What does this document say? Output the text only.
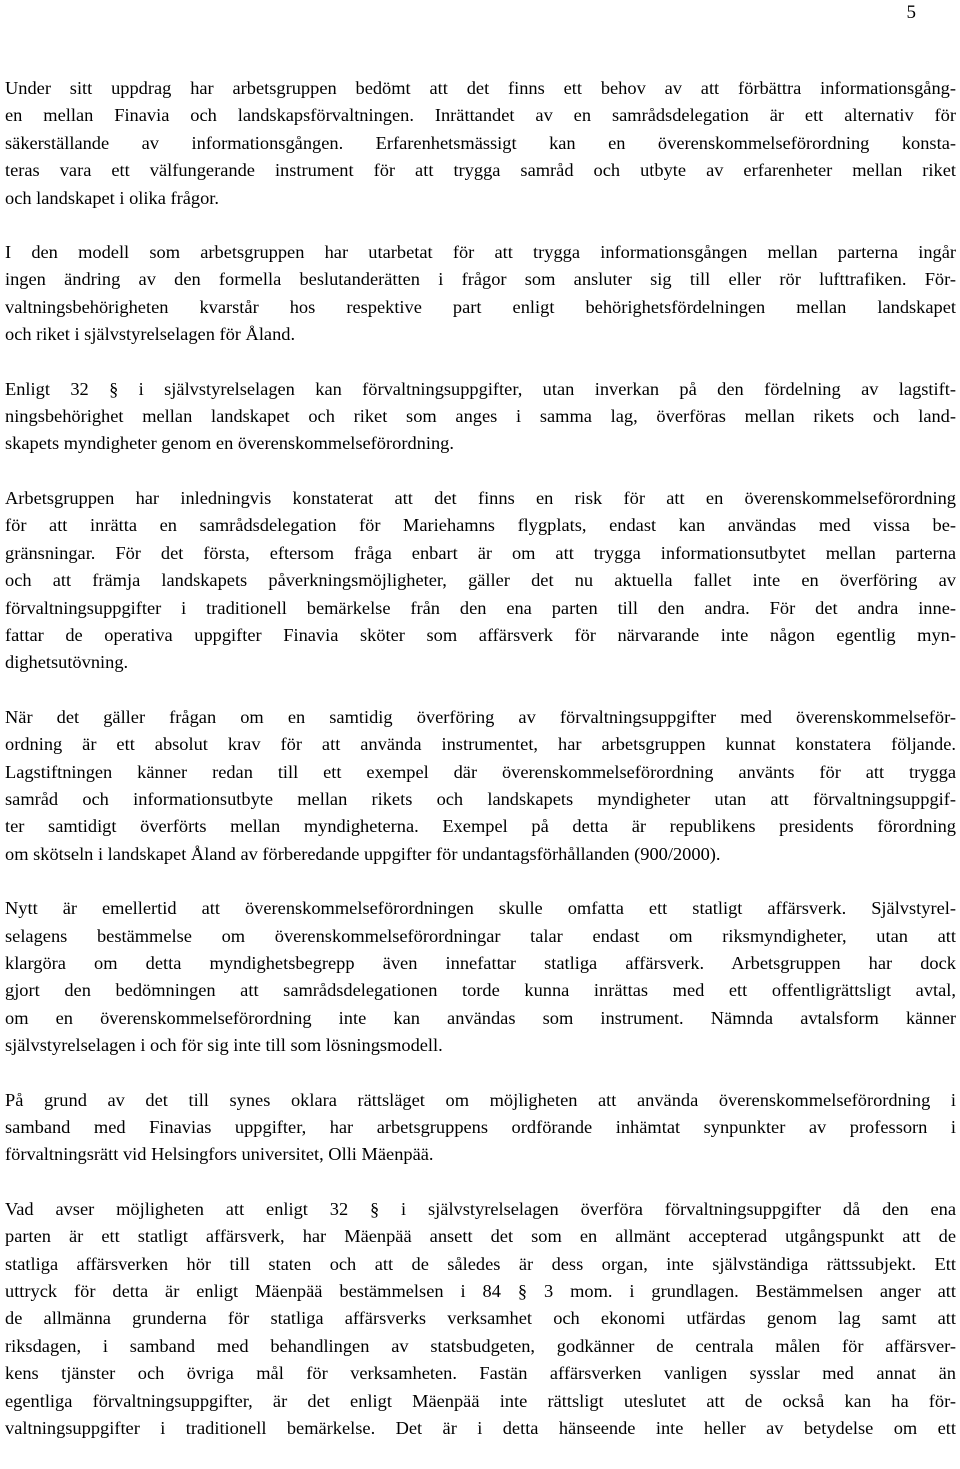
5
Under sitt uppdrag har arbetsgruppen bedömt att det finns ett behov av att förbättra informationsgång-
en mellan Finavia och landskapsförvaltningen. Inrättandet av en samrådsdelegation är ett alternativ för
säkerställande av informationsgången. Erfarenhetsmässigt kan en överenskommelseförordning konsta-
teras vara ett välfungerande instrument för att trygga samråd och utbyte av erfarenheter mellan riket
och landskapet i olika frågor.
I den modell som arbetsgruppen har utarbetat för att trygga informationsgången mellan parterna ingår
ingen ändring av den formella beslutanderätten i frågor som ansluter sig till eller rör lufttrafiken. För-
valtningsbehörigheten kvarstår hos respektive part enligt behörighetsfördelningen mellan landskapet
och riket i självstyrelselagen för Åland.
Enligt 32 § i självstyrelselagen kan förvaltningsuppgifter, utan inverkan på den fördelning av lagstift-
ningsbehörighet mellan landskapet och riket som anges i samma lag, överföras mellan rikets och land-
skapets myndigheter genom en överenskommelseförordning.
Arbetsgruppen har inledningvis konstaterat att det finns en risk för att en överenskommelseförordning
för att inrätta en samrådsdelegation för Mariehamns flygplats, endast kan användas med vissa be-
gränsningar. För det första, eftersom fråga enbart är om att trygga informationsutbytet mellan parterna
och att främja landskapets påverkningsmöjligheter, gäller det nu aktuella fallet inte en överföring av
förvaltningsuppgifter i traditionell bemärkelse från den ena parten till den andra. För det andra inne-
fattar de operativa uppgifter Finavia sköter som affärsverk för närvarande inte någon egentlig myn-
dighetsutövning.
När det gäller frågan om en samtidig överföring av förvaltningsuppgifter med överenskommelseför-
ordning är ett absolut krav för att använda instrumentet, har arbetsgruppen kunnat konstatera följande.
Lagstiftningen känner redan till ett exempel där överenskommelseförordning använts för att trygga
samråd och informationsutbyte mellan rikets och landskapets myndigheter utan att förvaltningsuppgif-
ter samtidigt överförts mellan myndigheterna. Exempel på detta är republikens presidents förordning
om skötseln i landskapet Åland av förberedande uppgifter för undantagsförhållanden (900/2000).
Nytt är emellertid att överenskommelseförordningen skulle omfatta ett statligt affärsverk. Självstyrel-
selagens bestämmelse om överenskommelseförordningar talar endast om riksmyndigheter, utan att
klargöra om detta myndighetsbegrepp även innefattar statliga affärsverk. Arbetsgruppen har dock
gjort den bedömningen att samrådsdelegationen torde kunna inrättas med ett offentligrättsligt avtal,
om en överenskommelseförordning inte kan användas som instrument. Nämnda avtalsform känner
självstyrelselagen i och för sig inte till som lösningsmodell.
På grund av det till synes oklara rättsläget om möjligheten att använda överenskommelseförordning i
samband med Finavias uppgifter, har arbetsgruppens ordförande inhämtat synpunkter av professorn i
förvaltningsrätt vid Helsingfors universitet, Olli Mäenpää.
Vad avser möjligheten att enligt 32 § i självstyrelselagen överföra förvaltningsuppgifter då den ena
parten är ett statligt affärsverk, har Mäenpää ansett det som en allmänt accepterad utgångspunkt att de
statliga affärsverken hör till staten och att de således är dess organ, inte självständiga rättssubjekt. Ett
uttryck för detta är enligt Mäenpää bestämmelsen i 84 § 3 mom. i grundlagen. Bestämmelsen anger att
de allmänna grunderna för statliga affärsverks verksamhet och ekonomi utfärdas genom lag samt att
riksdagen, i samband med behandlingen av statsbudgeten, godkänner de centrala målen för affärsver-
kens tjänster och övriga mål för verksamheten. Fastän affärsverken vanligen sysslar med annat än
egentliga förvaltningsuppgifter, är det enligt Mäenpää inte rättsligt uteslutet att de också kan ha för-
valtningsuppgifter i traditionell bemärkelse. Det är i detta hänseende inte heller av betydelse om ett
